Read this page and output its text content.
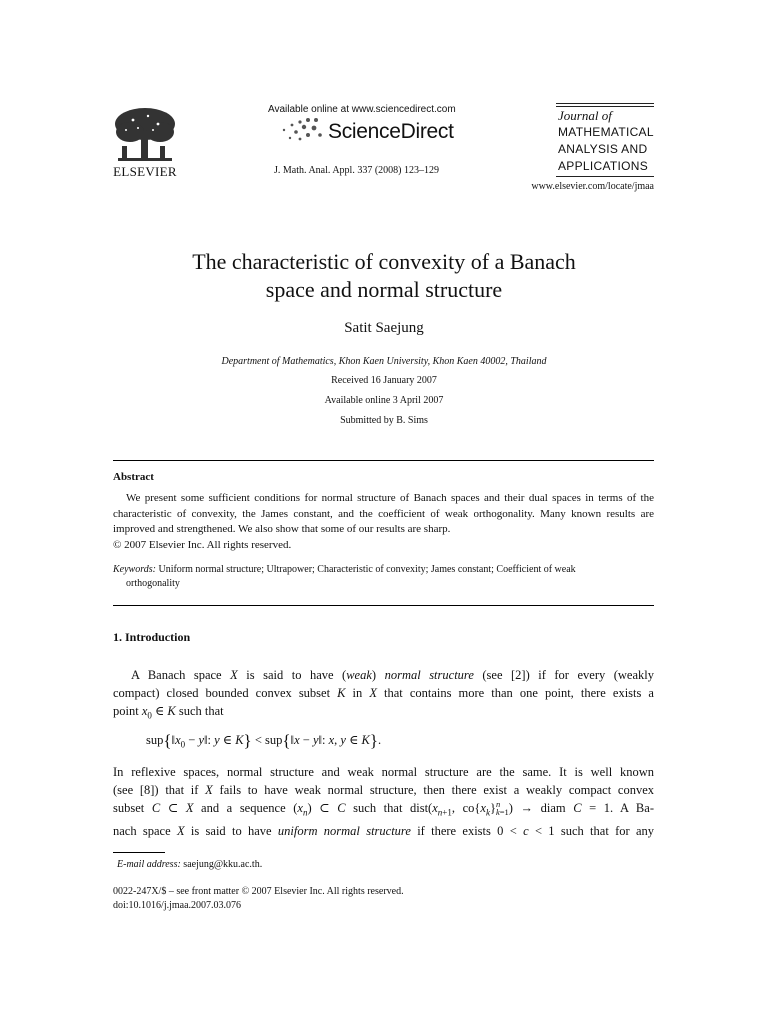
ELSEVIER
Available online at www.sciencedirect.com
ScienceDirect
J. Math. Anal. Appl. 337 (2008) 123–129
Journal of
MATHEMATICAL
ANALYSIS AND
APPLICATIONS
www.elsevier.com/locate/jmaa
The characteristic of convexity of a Banach
space and normal structure
Satit Saejung
Department of Mathematics, Khon Kaen University, Khon Kaen 40002, Thailand
Received 16 January 2007
Available online 3 April 2007
Submitted by B. Sims
Abstract

We present some sufficient conditions for normal structure of Banach spaces and their dual spaces in terms of the characteristic of convexity, the James constant, and the coefficient of weak orthogonality. Many known results are improved and strengthened. We also show that some of our results are sharp.

© 2007 Elsevier Inc. All rights reserved.
Keywords: Uniform normal structure; Ultrapower; Characteristic of convexity; James constant; Coefficient of weak
orthogonality
1. Introduction
A Banach space X is said to have (weak) normal structure (see [2]) if for every (weakly
compact) closed bounded convex subset K in X that contains more than one point, there exists a
point $x_0$ ∈ K such that
$sup\{‖x_0$ − y‖: y ∈ K} < sup{‖x − y‖: x, y ∈ K}.
In reflexive spaces, normal structure and weak normal structure are the same. It is well known
(see [8]) that if X fails to have weak normal structure, then there exist a weakly compact convex
subset C ⊂ X and a sequence $(x_n)$ ⊂ C such that $dist(x_{n+1}$, $co\{x_k\}n$
k=1) → diam C = 1. A Ba-
nach space X is said to have uniform normal structure if there exists 0 < c < 1 such that for any
E-mail address: saejung@kku.ac.th.
0022-247X/$ – see front matter © 2007 Elsevier Inc. All rights reserved.
doi:10.1016/j.jmaa.2007.03.076
